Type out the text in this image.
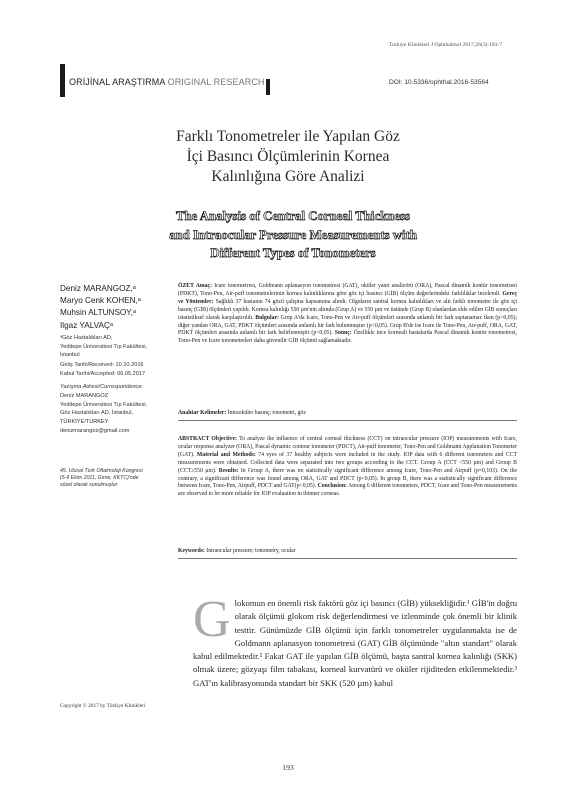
Turkiye Klinikleri J Ophthalmol 2017;26(3):193-7
ORİJİNAL ARAŞTIRMA ORIGINAL RESEARCH	DOI: 10.5336/ophthal.2016-53564
Farklı Tonometreler ile Yapılan Göz İçi Basıncı Ölçümlerinin Kornea Kalınlığına Göre Analizi
The Analysis of Central Corneal Thickness and Intraocular Pressure Measurements with Different Types of Tonometers
Deniz MARANGOZ,ᵃ
Maryo Cenk KOHEN,ᵃ
Muhsin ALTUNSOY,ᵃ
Ilgaz YALVAÇᵃ
ᵃGöz Hastalıkları AD,
Yeditepe Üniversitesi Tıp Fakültesi,
İstanbul
Geliş Tarihi/Received: 10.10.2016
Kabul Tarihi/Accepted: 06.05.2017
Yazışma Adresi/Correspondence:
Deniz MARANGOZ
Yeditepe Üniversitesi Tıp Fakültesi,
Göz Hastalıkları AD, İstanbul,
TÜRKİYE/TURKEY
denizmarangoz@gmail.com
45. Ulusal Türk Oftalmoloji Kongresi
(5-9 Ekim 2011, Girne, KKTC)'nde
sözel olarak sunulmuştur
Copyright © 2017 by Türkiye Klinikleri
ÖZET Amaç: Icare tonometresi, Goldmann aplanasyon tonometresi (GAT), oküler yanıt analizörü (ORA), Pascal dinamik kontür tonometresi (PDKT), Tono-Pen, Air-puff tonometrelerinin kornea kalınlıklarına göre göz içi basıncı (GİB) ölçüm değerlerindeki farklılıklar incelendi. Gereç ve Yöntemler: Sağlıklı 37 hastanın 74 gözü çalışma kapsamına alındı. Olguların santral kornea kalınlıkları ve altı farklı tonometre ile göz içi basınç (GİB) ölçümleri yapıldı. Kornea kalınlığı 550 µm'nin altında (Grup A) ve 550 µm ve üstünde (Grup B) olanlardan elde edilen GİB sonuçları istatistiksel olarak karşılaştırıldı. Bulgular: Grup A'da Icare, Tono-Pen ve Air-puff ölçümleri arasında anlamlı bir fark saptanamaz iken (p>0,05); diğer yandan ORA, GAT, PDKT ölçümleri arasında anlamlı bir fark bulunmuştur (p<0,05). Grup B'de ise Icare ile Tono-Pen, Air-puff, ORA, GAT, PDKT ölçümleri arasında anlamlı bir fark belirlenmiştir (p<0,05). Sonuç: Özellikle ince korneali hastalarda Pascal dinamik kontür tonometresi, Tono-Pen ve Icare tonometreleri daha güvenilir GİB ölçümü sağlamaktadır.
Anahtar Kelimeler: İntraoküler basınç; tonometri, göz
ABSTRACT Objective: To analyze the influence of central corneal thickness (CCT) on intraocular pressure (IOP) measurements with Icare, ocular response analyzer (ORA), Pascal dynamic contour tonometer (PDCT), Air-puff tonometer, Tono-Pen and Goldmann Applanation Tonometer (GAT). Material and Methods: 74 eyes of 37 healthy subjects were included in the study. IOP data with 6 different tonometers and CCT measurements were obtained. Collected data were separated into two groups according to the CCT. Group A (CCT <550 µm) and Group B (CCT≥550 µm). Results: In Group A, there was no statistically significant difference among Icare, Tono-Pen and Airpuff (p=0,103). On the contrary, a significant difference was found among ORA, GAT and PDCT (p<0,05). In group B, there was a statistically significant difference between Icare, Tono-Pen, Airpuff, PDCT and GAT(p<0,05). Conclusion: Among 6 different tonometers, PDCT, Icare and Tono-Pen measurements are observed to be more reliable for IOP evaluation in thinner corneas.
Keywords: Intraocular pressure; tonometry, ocular
G lokomun en önemli risk faktörü göz içi basıncı (GİB) yüksekliğidir.¹ GİB'in doğru olarak ölçümü glokom risk değerlendirmesi ve izlenminde çok önemli bir klinik testtir. Günümüzde GİB ölçümü için farklı tonometreler uygulanmakta ise de Goldmann aplanasyon tonometresi (GAT) GİB ölçümünde "altın standart" olarak kabul edilmektedir.² Fakat GAT ile yapılan GİB ölçümü, başta santral kornea kalınlığı (SKK) olmak üzere; gözyaşı film tabakası, korneal kurvatürü ve oküler rijiditeden etkilenmektedir.³ GAT'ın kalibrasyonunda standart bir SKK (520 µm) kabul
193
